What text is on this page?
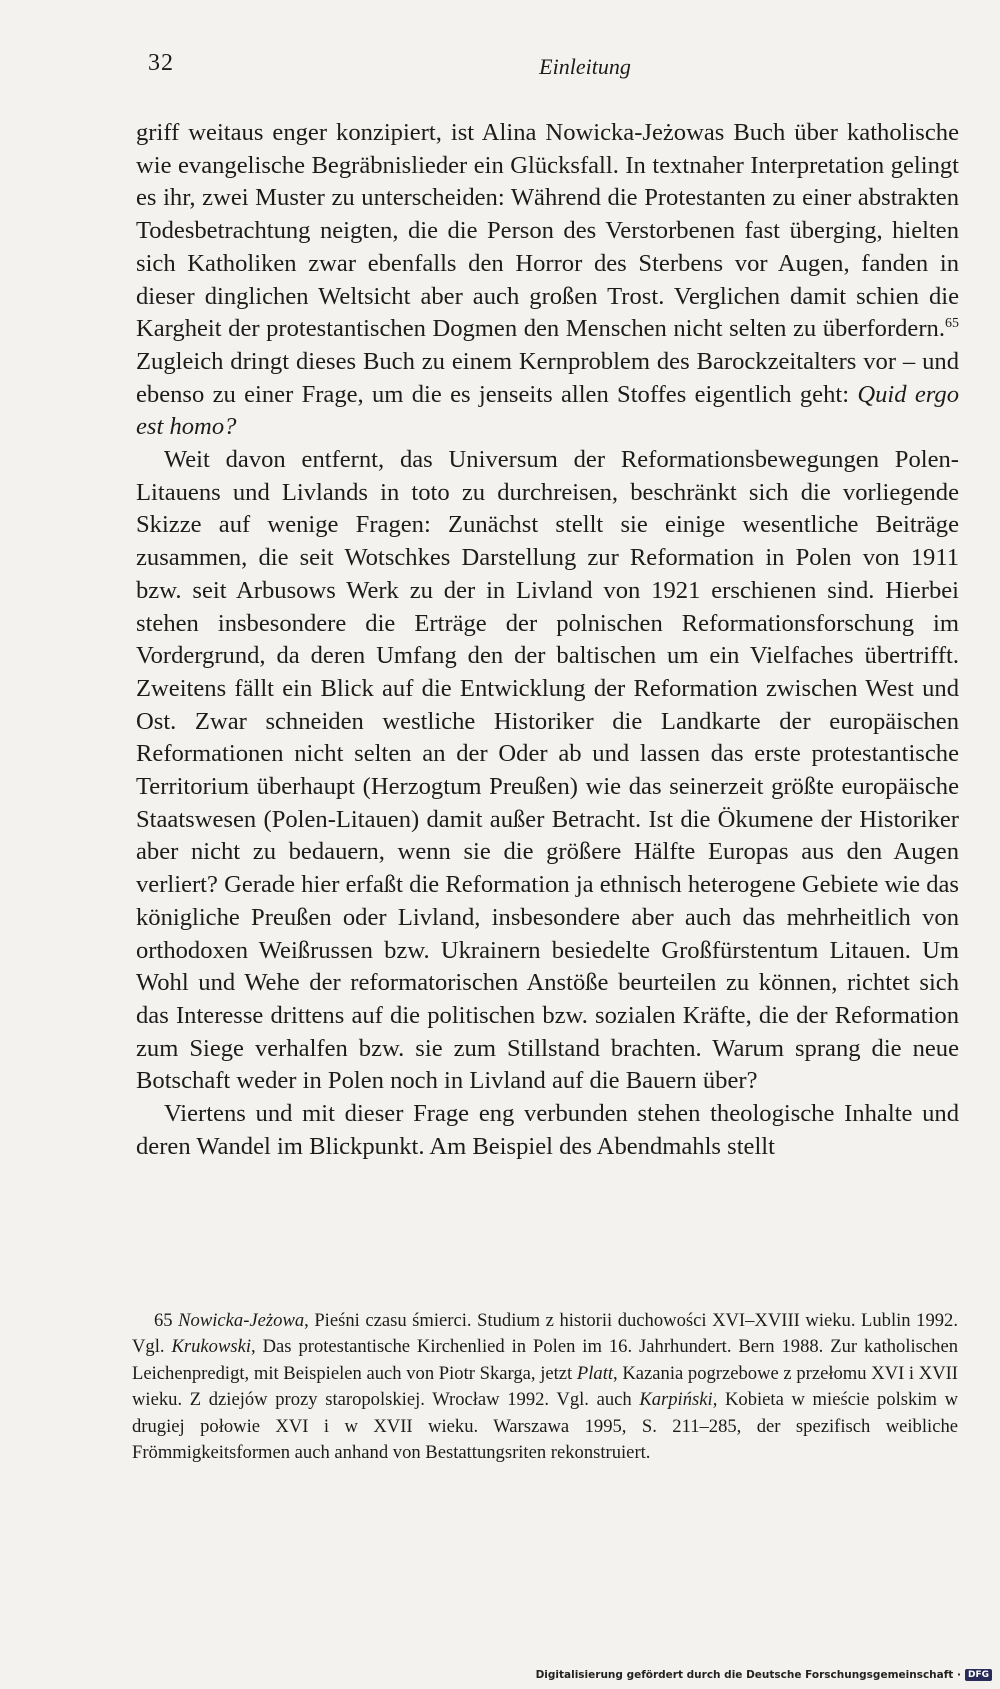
32	Einleitung

griff weitaus enger konzipiert, ist Alina Nowicka-Jeżowas Buch über katholische wie evangelische Begräbnislieder ein Glücksfall. In textnaher Interpretation gelingt es ihr, zwei Muster zu unterscheiden: Während die Protestanten zu einer abstrakten Todesbetrachtung neigten, die die Person des Verstorbenen fast überging, hielten sich Katholiken zwar ebenfalls den Horror des Sterbens vor Augen, fanden in dieser dinglichen Weltsicht aber auch großen Trost. Verglichen damit schien die Kargheit der protestantischen Dogmen den Menschen nicht selten zu überfordern.$^{65}$ Zugleich dringt dieses Buch zu einem Kernproblem des Barockzeitalters vor – und ebenso zu einer Frage, um die es jenseits allen Stoffes eigentlich geht: Quid ergo est homo?

Weit davon entfernt, das Universum der Reformationsbewegungen Polen-Litauens und Livlands in toto zu durchreisen, beschränkt sich die vorliegende Skizze auf wenige Fragen: Zunächst stellt sie einige wesentliche Beiträge zusammen, die seit Wotschkes Darstellung zur Reformation in Polen von 1911 bzw. seit Arbusows Werk zu der in Livland von 1921 erschienen sind. Hierbei stehen insbesondere die Erträge der polnischen Reformationsforschung im Vordergrund, da deren Umfang den der baltischen um ein Vielfaches übertrifft. Zweitens fällt ein Blick auf die Entwicklung der Reformation zwischen West und Ost. Zwar schneiden westliche Historiker die Landkarte der europäischen Reformationen nicht selten an der Oder ab und lassen das erste protestantische Territorium überhaupt (Herzogtum Preußen) wie das seinerzeit größte europäische Staatswesen (Polen-Litauen) damit außer Betracht. Ist die Ökumene der Historiker aber nicht zu bedauern, wenn sie die größere Hälfte Europas aus den Augen verliert? Gerade hier erfaßt die Reformation ja ethnisch heterogene Gebiete wie das königliche Preußen oder Livland, insbesondere aber auch das mehrheitlich von orthodoxen Weißrussen bzw. Ukrainern besiedelte Großfürstentum Litauen. Um Wohl und Wehe der reformatorischen Anstöße beurteilen zu können, richtet sich das Interesse drittens auf die politischen bzw. sozialen Kräfte, die der Reformation zum Siege verhalfen bzw. sie zum Stillstand brachten. Warum sprang die neue Botschaft weder in Polen noch in Livland auf die Bauern über?

Viertens und mit dieser Frage eng verbunden stehen theologische Inhalte und deren Wandel im Blickpunkt. Am Beispiel des Abendmahls stellt

65 Nowicka-Jeżowa, Pieśni czasu śmierci. Studium z historii duchowości XVI–XVIII wieku. Lublin 1992. Vgl. Krukowski, Das protestantische Kirchenlied in Polen im 16. Jahrhundert. Bern 1988. Zur katholischen Leichenpredigt, mit Beispielen auch von Piotr Skarga, jetzt Platt, Kazania pogrzebowe z przełomu XVI i XVII wieku. Z dziejów prozy staropolskiej. Wrocław 1992. Vgl. auch Karpiński, Kobieta w mieście polskim w drugiej połowie XVI i w XVII wieku. Warszawa 1995, S. 211–285, der spezifisch weibliche Frömmigkeitsformen auch anhand von Bestattungsriten rekonstruiert.

Digitalisierung gefördert durch die Deutsche Forschungsgemeinschaft · DFG
